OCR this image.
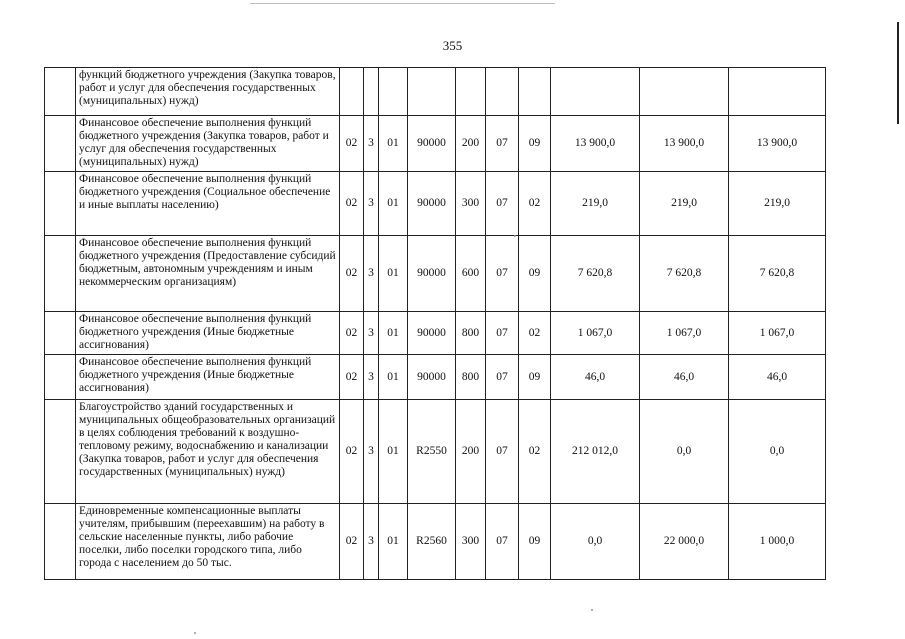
355
	функций бюджетного учреждения (Закупка товаров, работ и услуг для обеспечения государственных (муниципальных) нужд)										
	Финансовое обеспечение выполнения функций бюджетного учреждения (Закупка товаров, работ и услуг для обеспечения государственных (муниципальных) нужд)	02	3	01	90000	200	07	09	13 900,0	13 900,0	13 900,0
	Финансовое обеспечение выполнения функций бюджетного учреждения (Социальное обеспечение и иные выплаты населению)	02	3	01	90000	300	07	02	219,0	219,0	219,0
	Финансовое обеспечение выполнения функций бюджетного учреждения (Предоставление субсидий бюджетным, автономным учреждениям и иным некоммерческим организациям)	02	3	01	90000	600	07	09	7 620,8	7 620,8	7 620,8
	Финансовое обеспечение выполнения функций бюджетного учреждения (Иные бюджетные ассигнования)	02	3	01	90000	800	07	02	1 067,0	1 067,0	1 067,0
	Финансовое обеспечение выполнения функций бюджетного учреждения (Иные бюджетные ассигнования)	02	3	01	90000	800	07	09	46,0	46,0	46,0
	Благоустройство зданий государственных и муниципальных общеобразовательных организаций в целях соблюдения требований к воздушно-тепловому режиму, водоснабжению и канализации (Закупка товаров, работ и услуг для обеспечения государственных (муниципальных) нужд)	02	3	01	R2550	200	07	02	212 012,0	0,0	0,0
	Единовременные компенсационные выплаты учителям, прибывшим (переехавшим) на работу в сельские населенные пункты, либо рабочие поселки, либо поселки городского типа, либо города с населением до 50 тыс.	02	3	01	R2560	300	07	09	0,0	22 000,0	1 000,0
